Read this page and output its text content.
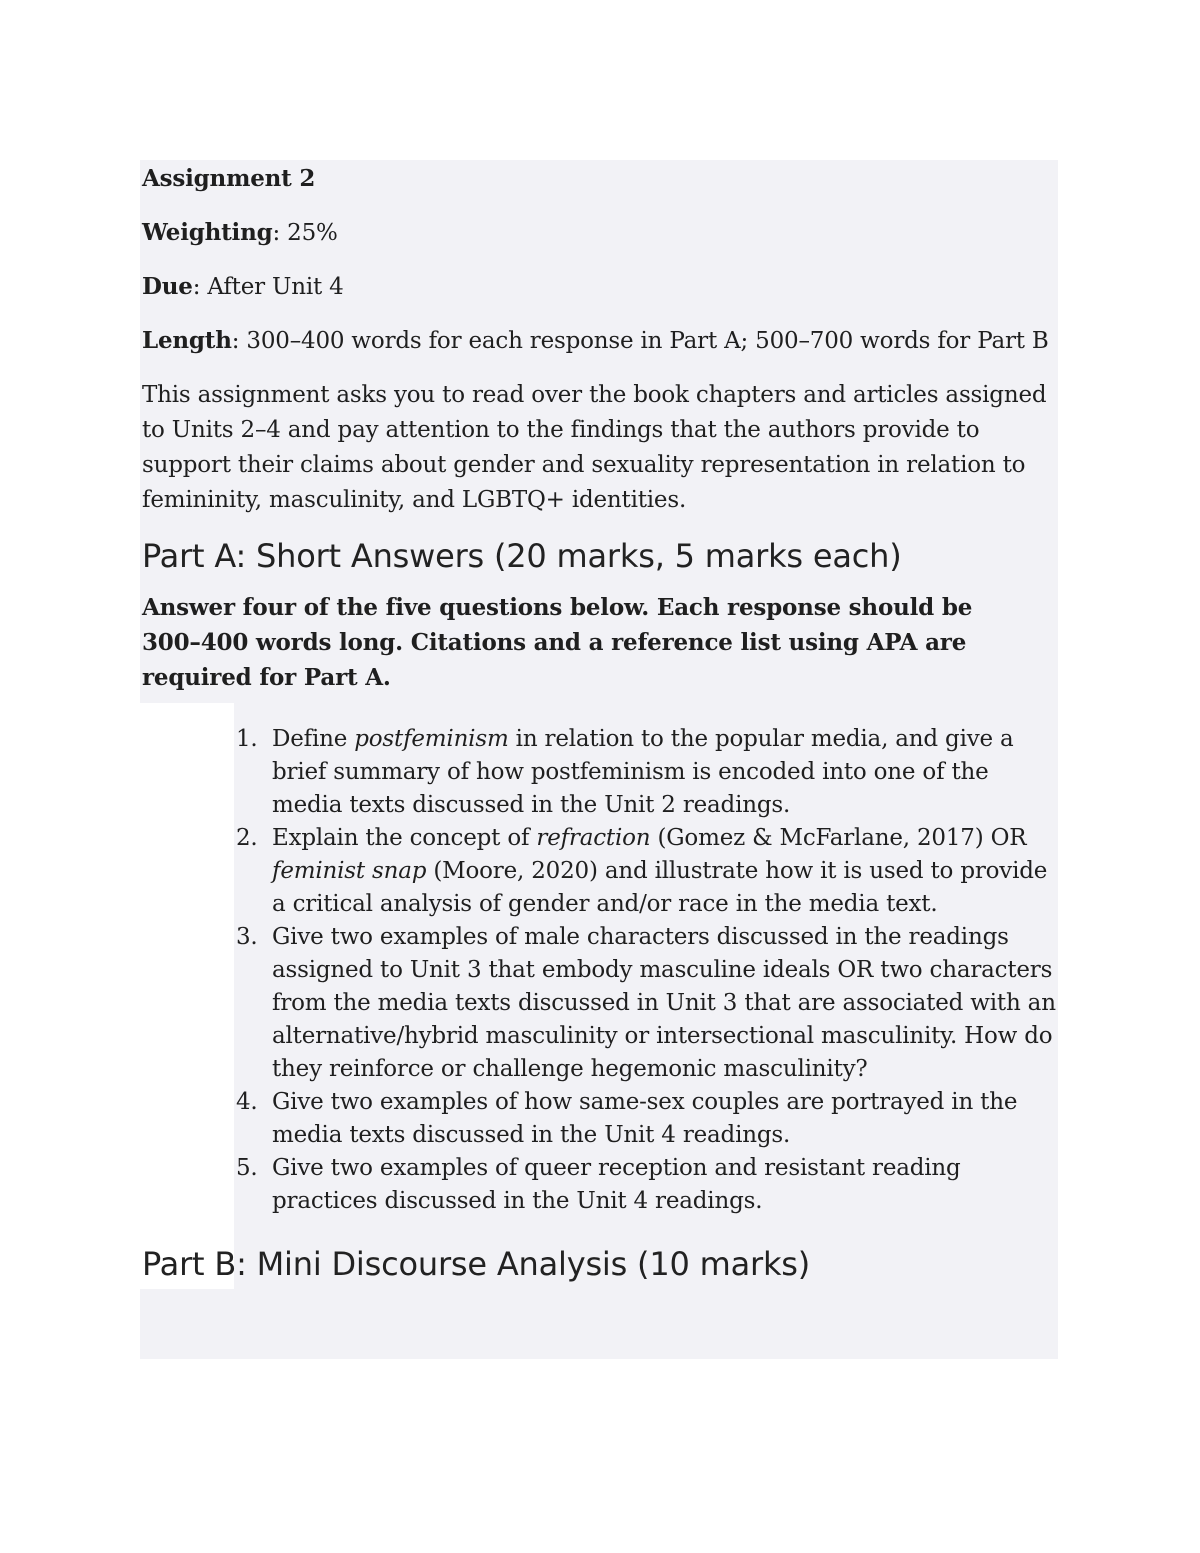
Assignment 2

Weighting: 25%

Due: After Unit 4

Length: 300–400 words for each response in Part A; 500–700 words for Part B

This assignment asks you to read over the book chapters and articles assigned to Units 2–4 and pay attention to the findings that the authors provide to support their claims about gender and sexuality representation in relation to femininity, masculinity, and LGBTQ+ identities.

Part A: Short Answers (20 marks, 5 marks each)

Answer four of the five questions below. Each response should be 300–400 words long. Citations and a reference list using APA are required for Part A.

1. Define postfeminism in relation to the popular media, and give a brief summary of how postfeminism is encoded into one of the media texts discussed in the Unit 2 readings.
2. Explain the concept of refraction (Gomez & McFarlane, 2017) OR feminist snap (Moore, 2020) and illustrate how it is used to provide a critical analysis of gender and/or race in the media text.
3. Give two examples of male characters discussed in the readings assigned to Unit 3 that embody masculine ideals OR two characters from the media texts discussed in Unit 3 that are associated with an alternative/hybrid masculinity or intersectional masculinity. How do they reinforce or challenge hegemonic masculinity?
4. Give two examples of how same-sex couples are portrayed in the media texts discussed in the Unit 4 readings.
5. Give two examples of queer reception and resistant reading practices discussed in the Unit 4 readings.
Part B: Mini Discourse Analysis (10 marks)
